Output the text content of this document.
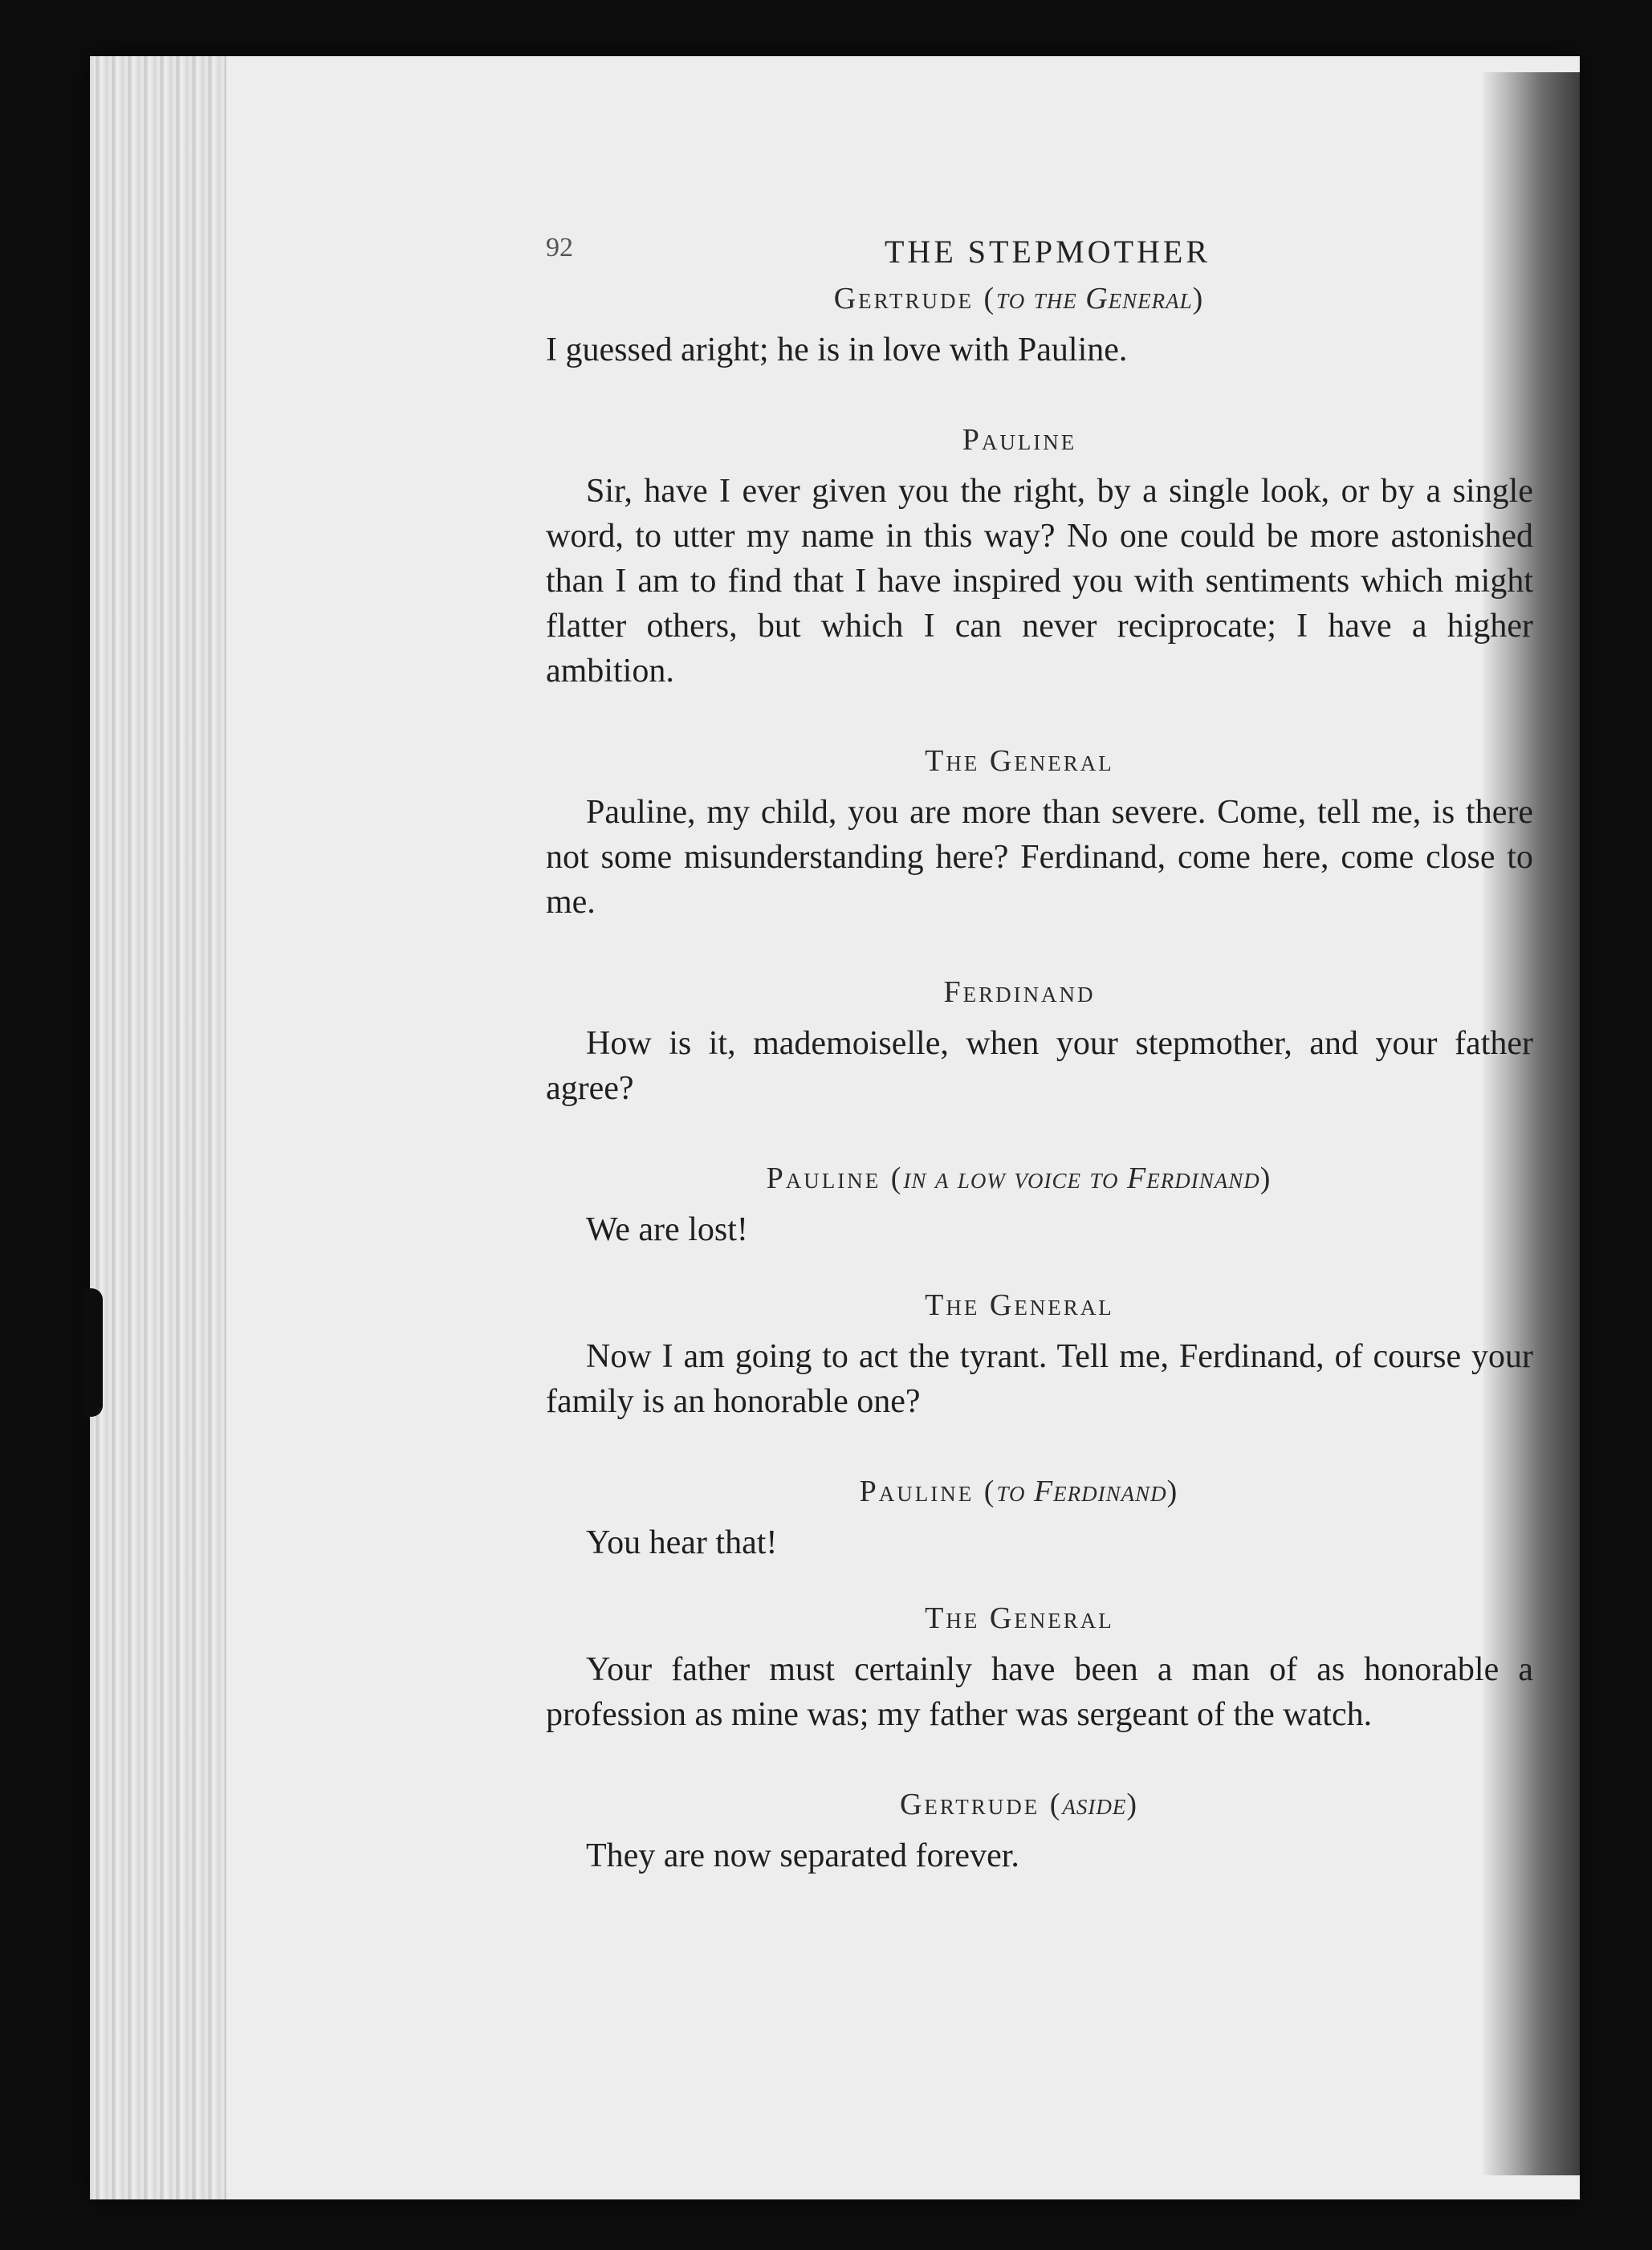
92	THE STEPMOTHER
Gertrude (to the General)
I guessed aright; he is in love with Pauline.
Pauline
Sir, have I ever given you the right, by a single look, or by a single word, to utter my name in this way? No one could be more astonished than I am to find that I have inspired you with sentiments which might flatter others, but which I can never reciprocate; I have a higher ambition.
The General
Pauline, my child, you are more than severe. Come, tell me, is there not some misunderstanding here? Ferdinand, come here, come close to me.
Ferdinand
How is it, mademoiselle, when your stepmother, and your father agree?
Pauline (in a low voice to Ferdinand)
We are lost!
The General
Now I am going to act the tyrant. Tell me, Ferdinand, of course your family is an honorable one?
Pauline (to Ferdinand)
You hear that!
The General
Your father must certainly have been a man of as honorable a profession as mine was; my father was sergeant of the watch.
Gertrude (aside)
They are now separated forever.
